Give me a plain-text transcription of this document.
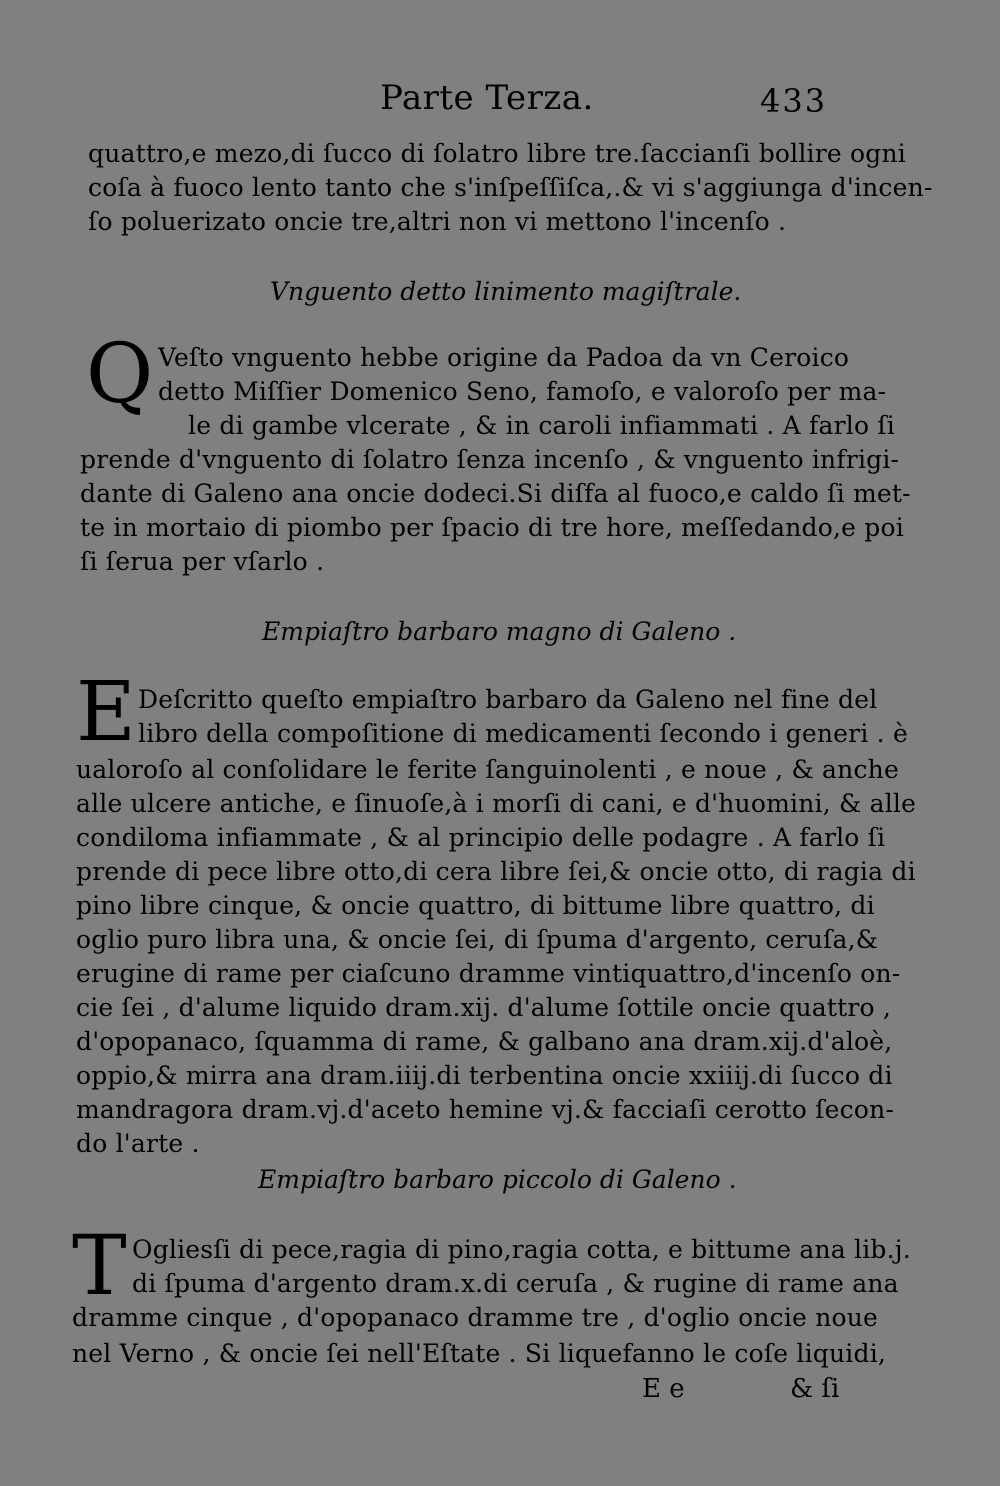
Parte Terza.	433
quattro,e mezo,di ſucco di ſolatro libre tre.ſaccianſi bollire ogni
coſa à fuoco lento tanto che s'inſpeſſiſca,.& vi s'aggiunga d'incen-
ſo poluerizato oncie tre,altri non vi mettono l'incenſo .
Vnguento detto linimento magiſtrale.
Q Veſto vnguento hebbe origine da Padoa da vn Ceroico
detto Miſſier Domenico Seno, famoſo, e valoroſo per ma-
le di gambe vlcerate , & in caroli infiammati . A farlo ſi
prende d'vnguento di ſolatro ſenza incenſo , & vnguento infrigi-
dante di Galeno ana oncie dodeci.Si diſfa al fuoco,e caldo ſi met-
te in mortaio di piombo per ſpacio di tre hore, meſſedando,e poi
ſi ſerua per vſarlo .
Empiaſtro barbaro magno di Galeno .
E Deſcritto queſto empiaſtro barbaro da Galeno nel fine del
libro della compoſitione di medicamenti ſecondo i generi . è
ualoroſo al conſolidare le ferite ſanguinolenti , e noue , & anche
alle ulcere antiche, e ſinuoſe,à i morſi di cani, e d'huomini, & alle
condiloma infiammate , & al principio delle podagre . A farlo ſi
prende di pece libre otto,di cera libre ſei,& oncie otto, di ragia di
pino libre cinque, & oncie quattro, di bittume libre quattro, di
oglio puro libra una, & oncie ſei, di ſpuma d'argento, ceruſa,&
erugine di rame per ciaſcuno dramme vintiquattro,d'incenſo on-
cie ſei , d'alume liquido dram.xij. d'alume ſottile oncie quattro ,
d'opopanaco, ſquamma di rame, & galbano ana dram.xij.d'aloè,
oppio,& mirra ana dram.iiij.di terbentina oncie xxiiij.di ſucco di
mandragora dram.vj.d'aceto hemine vj.& facciaſi cerotto ſecon-
do l'arte .
Empiaſtro barbaro piccolo di Galeno .
T Ogliesſi di pece,ragia di pino,ragia cotta, e bittume ana lib.j.
di ſpuma d'argento dram.x.di ceruſa , & rugine di rame ana
dramme cinque , d'opopanaco dramme tre , d'oglio oncie noue
nel Verno , & oncie ſei nell'Eſtate . Si liquefanno le coſe liquidi,
E e	& ſi
